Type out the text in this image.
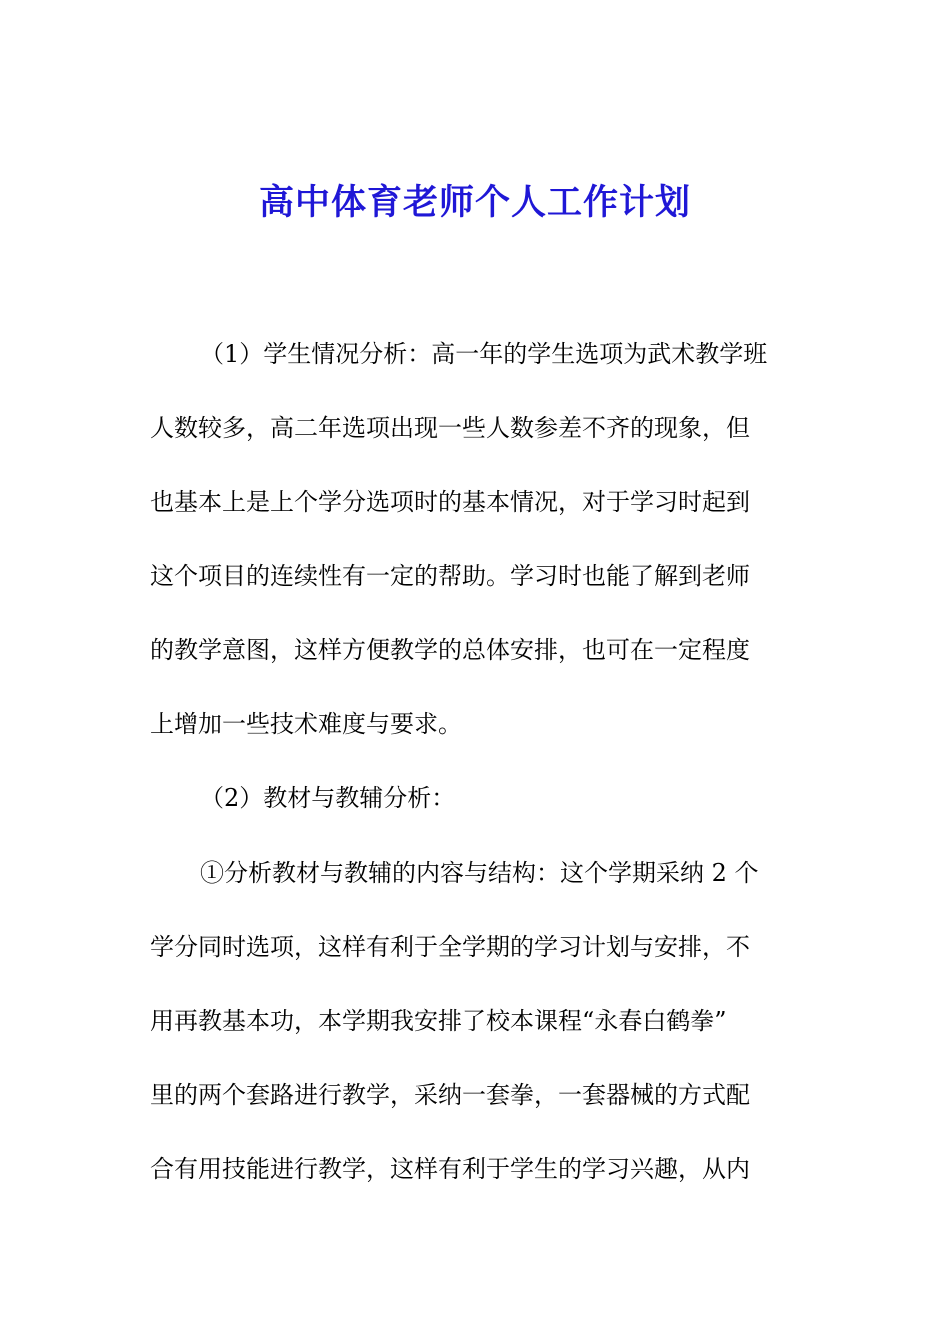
高中体育老师个人工作计划

（1）学生情况分析：高一年的学生选项为武术教学班

人数较多，高二年选项出现一些人数参差不齐的现象，但

也基本上是上个学分选项时的基本情况，对于学习时起到

这个项目的连续性有一定的帮助。学习时也能了解到老师

的教学意图，这样方便教学的总体安排，也可在一定程度

上增加一些技术难度与要求。

（2）教材与教辅分析：

①分析教材与教辅的内容与结构：这个学期采纳 2 个

学分同时选项，这样有利于全学期的学习计划与安排，不

用再教基本功，本学期我安排了校本课程“永春白鹤拳”

里的两个套路进行教学，采纳一套拳，一套器械的方式配

合有用技能进行教学，这样有利于学生的学习兴趣，从内
